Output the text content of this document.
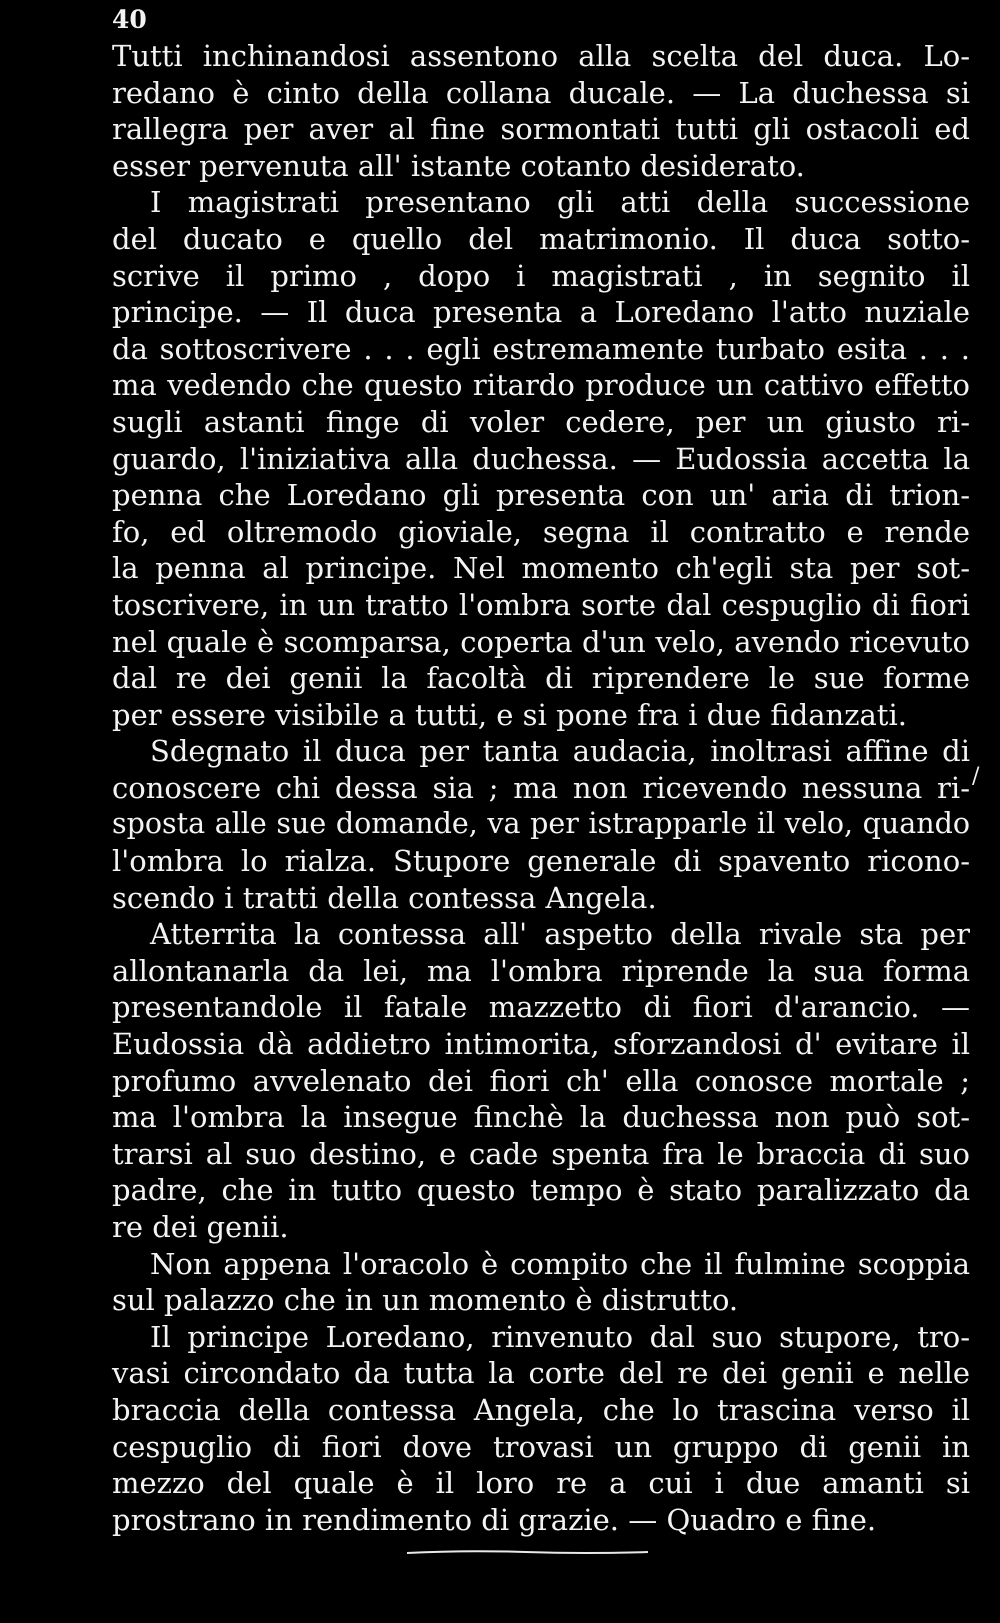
40
Tutti inchinandosi assentono alla scelta del duca. Lo-
redano è cinto della collana ducale. — La duchessa si
rallegra per aver al fine sormontati tutti gli ostacoli ed
esser pervenuta all' istante cotanto desiderato.
I magistrati presentano gli atti della successione
del ducato e quello del matrimonio. Il duca sotto-
scrive il primo , dopo i magistrati , in segnito il
principe. — Il duca presenta a Loredano l'atto nuziale
da sottoscrivere . . . egli estremamente turbato esita . . .
ma vedendo che questo ritardo produce un cattivo effetto
sugli astanti finge di voler cedere, per un giusto ri-
guardo, l'iniziativa alla duchessa. — Eudossia accetta la
penna che Loredano gli presenta con un' aria di trion-
fo, ed oltremodo gioviale, segna il contratto e rende
la penna al principe. Nel momento ch'egli sta per sot-
toscrivere, in un tratto l'ombra sorte dal cespuglio di fiori
nel quale è scomparsa, coperta d'un velo, avendo ricevuto
dal re dei genii la facoltà di riprendere le sue forme
per essere visibile a tutti, e si pone fra i due fidanzati.
Sdegnato il duca per tanta audacia, inoltrasi affine di
conoscere chi dessa sia ; ma non ricevendo nessuna ri-
sposta alle sue domande, va per istrapparle il velo, quando
l'ombra lo rialza. Stupore generale di spavento ricono-
scendo i tratti della contessa Angela.
Atterrita la contessa all' aspetto della rivale sta per
allontanarla da lei, ma l'ombra riprende la sua forma
presentandole il fatale mazzetto di fiori d'arancio. —
Eudossia dà addietro intimorita, sforzandosi d' evitare il
profumo avvelenato dei fiori ch' ella conosce mortale ;
ma l'ombra la insegue finchè la duchessa non può sot-
trarsi al suo destino, e cade spenta fra le braccia di suo
padre, che in tutto questo tempo è stato paralizzato da
re dei genii.
Non appena l'oracolo è compito che il fulmine scoppia
sul palazzo che in un momento è distrutto.
Il principe Loredano, rinvenuto dal suo stupore, tro-
vasi circondato da tutta la corte del re dei genii e nelle
braccia della contessa Angela, che lo trascina verso il
cespuglio di fiori dove trovasi un gruppo di genii in
mezzo del quale è il loro re a cui i due amanti si
prostrano in rendimento di grazie. — Quadro e fine.
/
